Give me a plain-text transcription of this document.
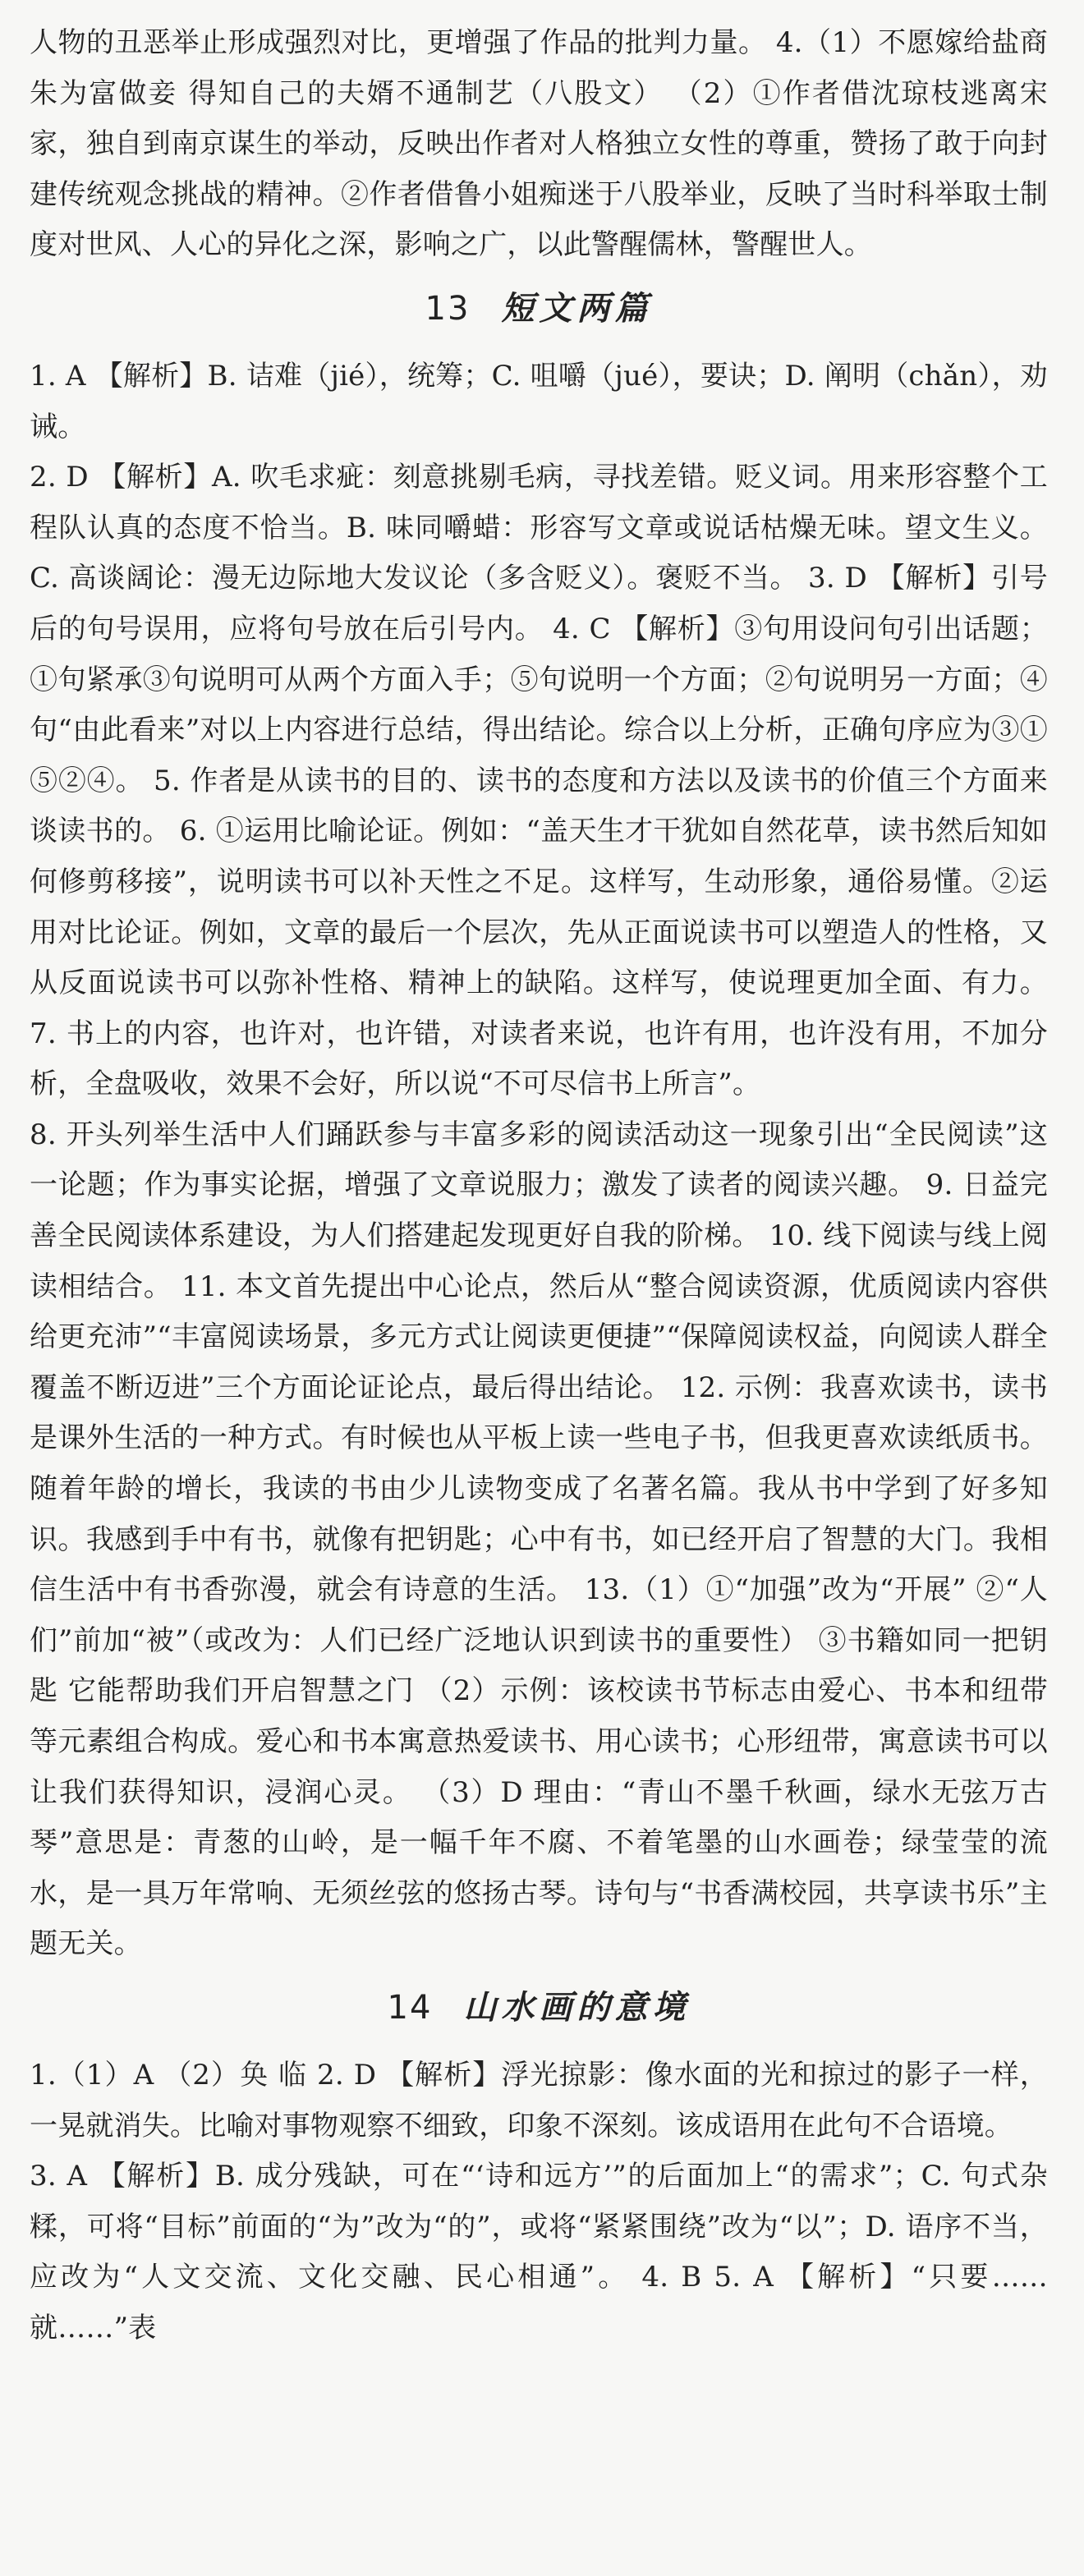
人物的丑恶举止形成强烈对比，更增强了作品的批判力量。 4.（1）不愿嫁给盐商朱为富做妾 得知自己的夫婿不通制艺（八股文） （2）①作者借沈琼枝逃离宋家，独自到南京谋生的举动，反映出作者对人格独立女性的尊重，赞扬了敢于向封建传统观念挑战的精神。②作者借鲁小姐痴迷于八股举业，反映了当时科举取士制度对世风、人心的异化之深，影响之广，以此警醒儒林，警醒世人。

13 短文两篇

1. A 【解析】B. 诘难（jié），统筹；C. 咀嚼（jué），要诀；D. 阐明（chǎn），劝诫。

2. D 【解析】A. 吹毛求疵：刻意挑剔毛病，寻找差错。贬义词。用来形容整个工程队认真的态度不恰当。B. 味同嚼蜡：形容写文章或说话枯燥无味。望文生义。C. 高谈阔论：漫无边际地大发议论（多含贬义）。褒贬不当。 3. D 【解析】引号后的句号误用，应将句号放在后引号内。 4. C 【解析】③句用设问句引出话题；①句紧承③句说明可从两个方面入手；⑤句说明一个方面；②句说明另一方面；④句“由此看来”对以上内容进行总结，得出结论。综合以上分析，正确句序应为③①⑤②④。 5. 作者是从读书的目的、读书的态度和方法以及读书的价值三个方面来谈读书的。 6. ①运用比喻论证。例如：“盖天生才干犹如自然花草，读书然后知如何修剪移接”，说明读书可以补天性之不足。这样写，生动形象，通俗易懂。②运用对比论证。例如，文章的最后一个层次，先从正面说读书可以塑造人的性格，又从反面说读书可以弥补性格、精神上的缺陷。这样写，使说理更加全面、有力。 7. 书上的内容，也许对，也许错，对读者来说，也许有用，也许没有用，不加分析，全盘吸收，效果不会好，所以说“不可尽信书上所言”。

8. 开头列举生活中人们踊跃参与丰富多彩的阅读活动这一现象引出“全民阅读”这一论题；作为事实论据，增强了文章说服力；激发了读者的阅读兴趣。 9. 日益完善全民阅读体系建设，为人们搭建起发现更好自我的阶梯。 10. 线下阅读与线上阅读相结合。 11. 本文首先提出中心论点，然后从“整合阅读资源，优质阅读内容供给更充沛”“丰富阅读场景，多元方式让阅读更便捷”“保障阅读权益，向阅读人群全覆盖不断迈进”三个方面论证论点，最后得出结论。 12. 示例：我喜欢读书，读书是课外生活的一种方式。有时候也从平板上读一些电子书，但我更喜欢读纸质书。随着年龄的增长，我读的书由少儿读物变成了名著名篇。我从书中学到了好多知识。我感到手中有书，就像有把钥匙；心中有书，如已经开启了智慧的大门。我相信生活中有书香弥漫，就会有诗意的生活。 13.（1）①“加强”改为“开展” ②“人们”前加“被”（或改为：人们已经广泛地认识到读书的重要性） ③书籍如同一把钥匙 它能帮助我们开启智慧之门 （2）示例：该校读书节标志由爱心、书本和纽带等元素组合构成。爱心和书本寓意热爱读书、用心读书；心形纽带，寓意读书可以让我们获得知识，浸润心灵。 （3）D 理由：“青山不墨千秋画，绿水无弦万古琴”意思是：青葱的山岭，是一幅千年不腐、不着笔墨的山水画卷；绿莹莹的流水，是一具万年常响、无须丝弦的悠扬古琴。诗句与“书香满校园，共享读书乐”主题无关。

14 山水画的意境

1.（1）A （2）奂 临 2. D 【解析】浮光掠影：像水面的光和掠过的影子一样，一晃就消失。比喻对事物观察不细致，印象不深刻。该成语用在此句不合语境。

3. A 【解析】B. 成分残缺，可在“‘诗和远方’”的后面加上“的需求”；C. 句式杂糅，可将“目标”前面的“为”改为“的”，或将“紧紧围绕”改为“以”；D. 语序不当，应改为“人文交流、文化交融、民心相通”。 4. B 5. A 【解析】“只要……就……”表
